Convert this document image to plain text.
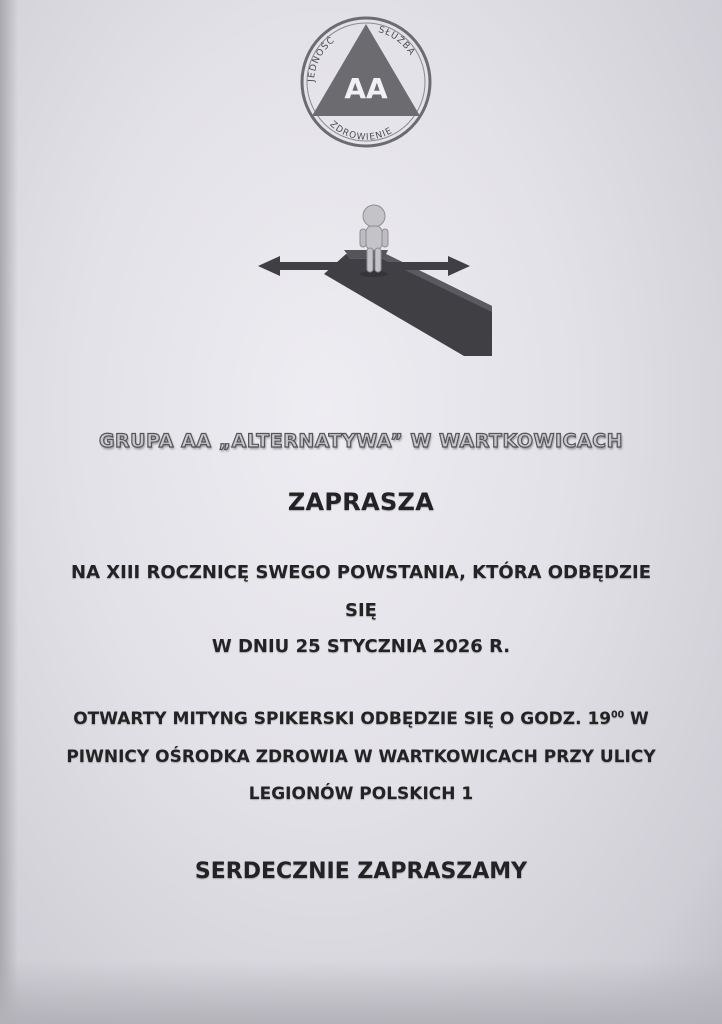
AA
JEDNOŚĆ
SŁUŻBA
ZDROWIENIE
GRUPA AA „ALTERNATYWA” W WARTKOWICACH
ZAPRASZA
NA XIII ROCZNICĘ SWEGO POWSTANIA, KTÓRA ODBĘDZIE
SIĘ
W DNIU 25 STYCZNIA 2026 R.
OTWARTY MITYNG SPIKERSKI ODBĘDZIE SIĘ O GODZ. $19^{00}$ W
PIWNICY OŚRODKA ZDROWIA W WARTKOWICACH PRZY ULICY
LEGIONÓW POLSKICH 1
SERDECZNIE ZAPRASZAMY
